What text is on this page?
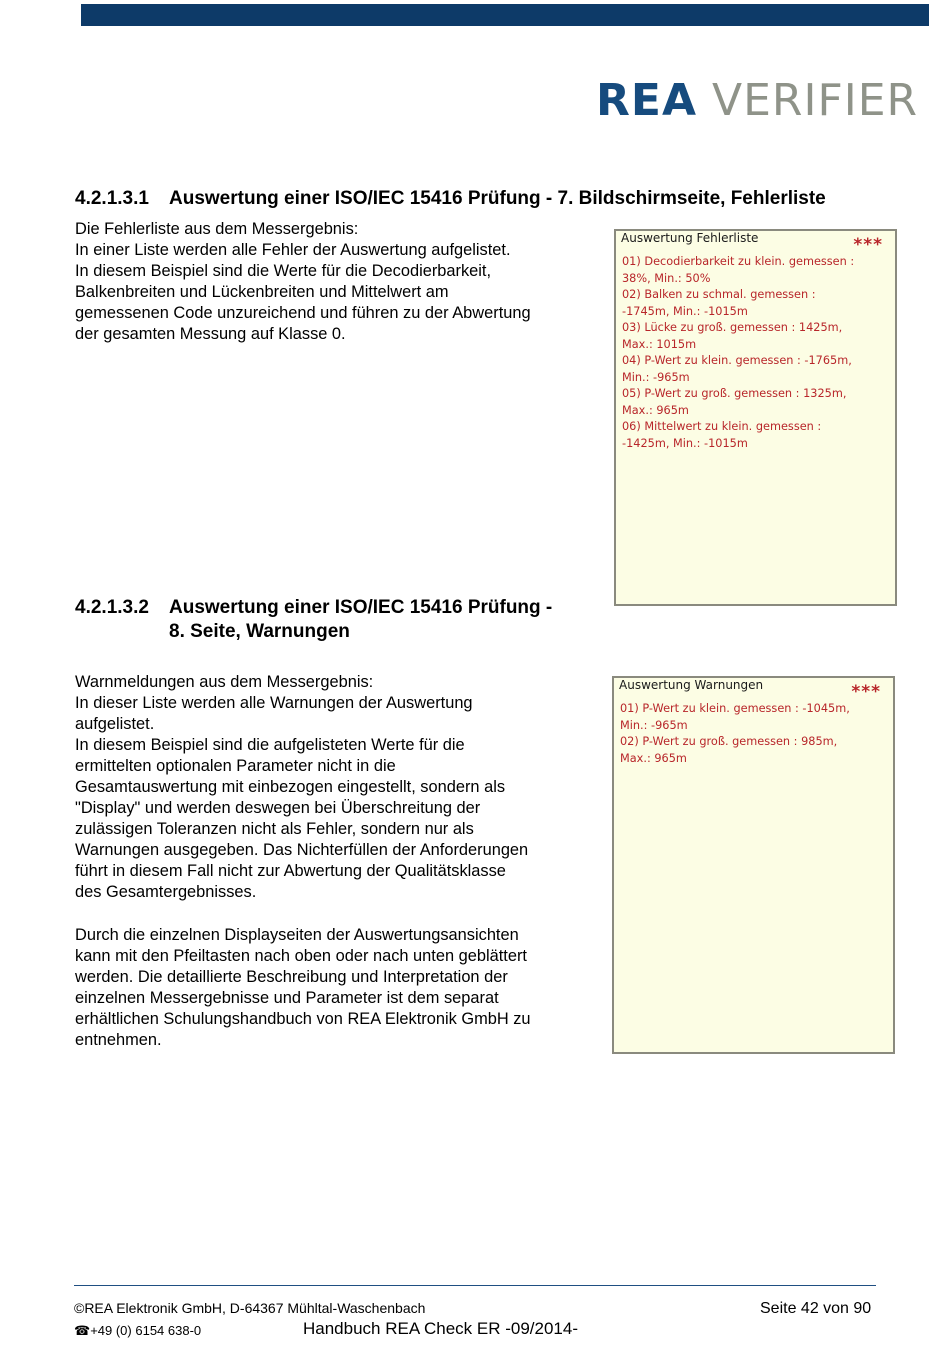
REA VERIFIER
4.2.1.3.1 Auswertung einer ISO/IEC 15416 Prüfung - 7. Bildschirmseite, Fehlerliste
Die Fehlerliste aus dem Messergebnis:
In einer Liste werden alle Fehler der Auswertung aufgelistet.
In diesem Beispiel sind die Werte für die Decodierbarkeit,
Balkenbreiten und Lückenbreiten und Mittelwert am
gemessenen Code unzureichend und führen zu der Abwertung
der gesamten Messung auf Klasse 0.
Auswertung Fehlerliste	***
01) Decodierbarkeit zu klein. gemessen :
38%, Min.: 50%
02) Balken zu schmal. gemessen :
-1745m, Min.: -1015m
03) Lücke zu groß. gemessen : 1425m,
Max.: 1015m
04) P-Wert zu klein. gemessen : -1765m,
Min.: -965m
05) P-Wert zu groß. gemessen : 1325m,
Max.: 965m
06) Mittelwert zu klein. gemessen :
-1425m, Min.: -1015m
4.2.1.3.2 Auswertung einer ISO/IEC 15416 Prüfung -
8. Seite, Warnungen
Warnmeldungen aus dem Messergebnis:
In dieser Liste werden alle Warnungen der Auswertung
aufgelistet.
In diesem Beispiel sind die aufgelisteten Werte für die
ermittelten optionalen Parameter nicht in die
Gesamtauswertung mit einbezogen eingestellt, sondern als
"Display" und werden deswegen bei Überschreitung der
zulässigen Toleranzen nicht als Fehler, sondern nur als
Warnungen ausgegeben. Das Nichterfüllen der Anforderungen
führt in diesem Fall nicht zur Abwertung der Qualitätsklasse
des Gesamtergebnisses.
Durch die einzelnen Displayseiten der Auswertungsansichten
kann mit den Pfeiltasten nach oben oder nach unten geblättert
werden. Die detaillierte Beschreibung und Interpretation der
einzelnen Messergebnisse und Parameter ist dem separat
erhältlichen Schulungshandbuch von REA Elektronik GmbH zu
entnehmen.
Auswertung Warnungen	***
01) P-Wert zu klein. gemessen : -1045m,
Min.: -965m
02) P-Wert zu groß. gemessen : 985m,
Max.: 965m
©REA Elektronik GmbH, D-64367 Mühltal-Waschenbach
☎+49 (0) 6154 638-0	Handbuch REA Check ER -09/2014-
Seite 42 von 90
